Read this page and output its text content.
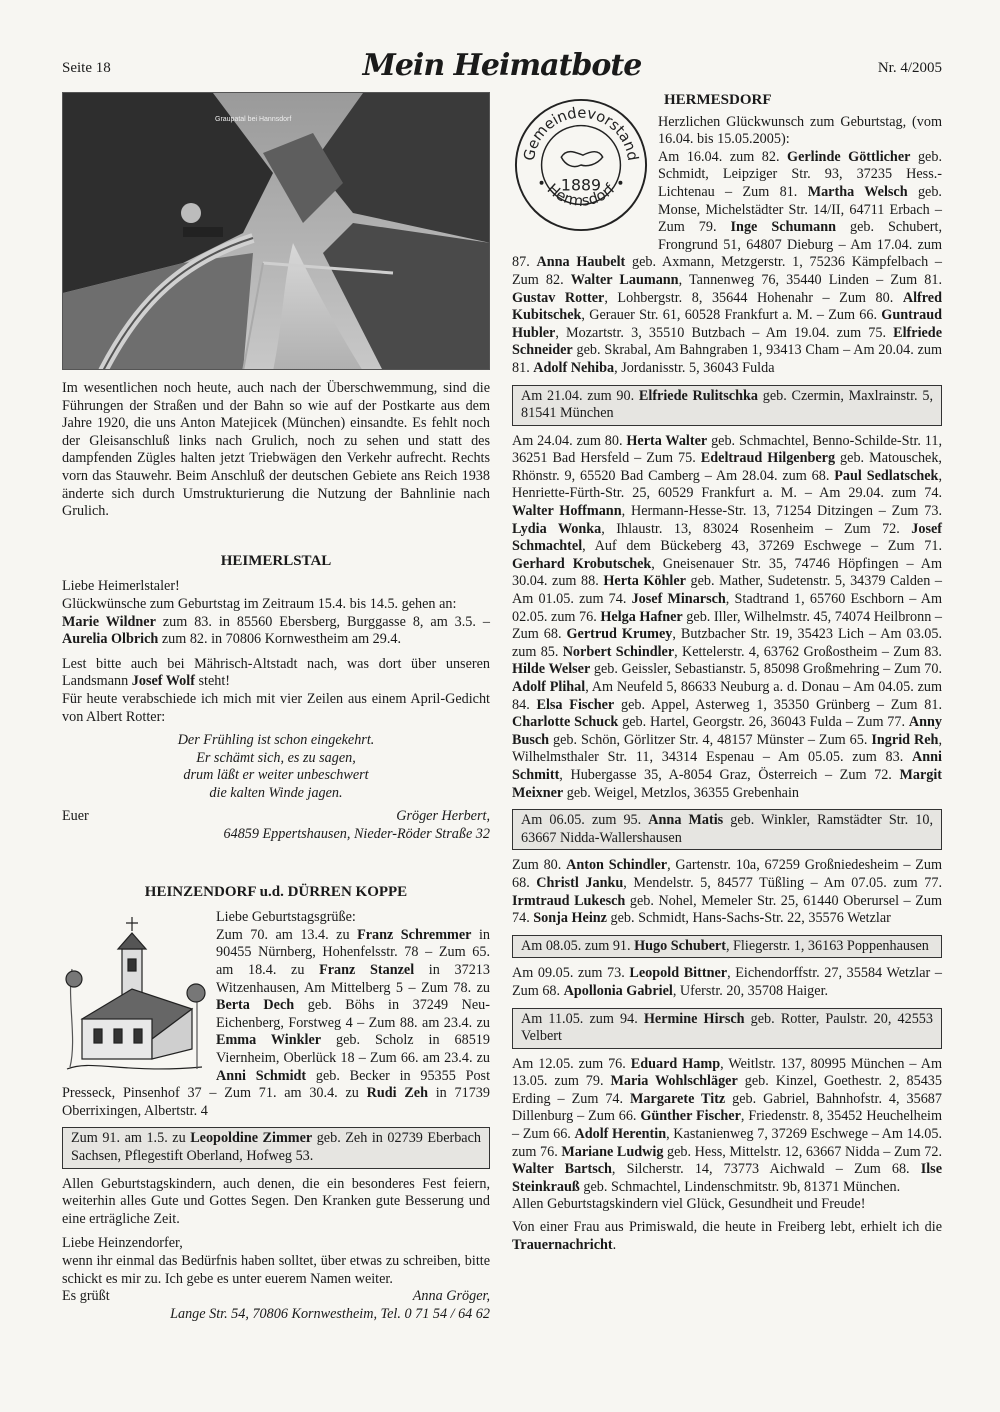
Seite 18	Mein Heimatbote	Nr. 4/2005
Graupatal bei Hannsdorf

Im wesentlichen noch heute, auch nach der Überschwemmung, sind die Führungen der Straßen und der Bahn so wie auf der Postkarte aus dem Jahre 1920, die uns Anton Matejicek (München) einsandte. Es fehlt noch der Gleisanschluß links nach Grulich, noch zu sehen und statt des dampfenden Zügles halten jetzt Triebwägen den Verkehr aufrecht. Rechts vorn das Stauwehr. Beim Anschluß der deutschen Gebiete ans Reich 1938 änderte sich durch Umstrukturierung die Nutzung der Bahnlinie nach Grulich.

HEIMERLSTAL

Liebe Heimerlstaler!

Glückwünsche zum Geburtstag im Zeitraum 15.4. bis 14.5. gehen an:

Marie Wildner zum 83. in 85560 Ebersberg, Burggasse 8, am 3.5. – Aurelia Olbrich zum 82. in 70806 Kornwestheim am 29.4.

Lest bitte auch bei Mährisch-Altstadt nach, was dort über unseren Landsmann Josef Wolf steht!

Für heute verabschiede ich mich mit vier Zeilen aus einem April-Gedicht von Albert Rotter:

Der Frühling ist schon eingekehrt.
Er schämt sich, es zu sagen,
drum läßt er weiter unbeschwert
die kalten Winde jagen.
Euer	Gröger Herbert,
64859 Eppertshausen, Nieder-Röder Straße 32
HEINZENDORF u.d. DÜRREN KOPPE

Liebe Geburtstagsgrüße:

Zum 70. am 13.4. zu Franz Schremmer in 90455 Nürnberg, Hohenfelsstr. 78 – Zum 65. am 18.4. zu Franz Stanzel in 37213 Witzenhausen, Am Mittelberg 5 – Zum 78. zu Berta Dech geb. Böhs in 37249 Neu-Eichenberg, Forstweg 4 – Zum 88. am 23.4. zu Emma Winkler geb. Scholz in 68519 Viernheim, Oberlück 18 – Zum 66. am 23.4. zu Anni Schmidt geb. Becker in 95355 Post Presseck, Pinsenhof 37 – Zum 71. am 30.4. zu Rudi Zeh in 71739 Oberrixingen, Albertstr. 4

Zum 91. am 1.5. zu Leopoldine Zimmer geb. Zeh in 02739 Eberbach Sachsen, Pflegestift Oberland, Hofweg 53.

Allen Geburtstagskindern, auch denen, die ein besonderes Fest feiern, weiterhin alles Gute und Gottes Segen. Den Kranken gute Besserung und eine erträgliche Zeit.

Liebe Heinzendorfer,

wenn ihr einmal das Bedürfnis haben solltet, über etwas zu schreiben, bitte schickt es mir zu. Ich gebe es unter euerem Namen weiter.

Es grüßt	Anna Gröger,
Lange Str. 54, 70806 Kornwestheim, Tel. 0 71 54 / 64 62
Gemeindevorstand
Hermsdorf
1889
HERMESDORF

Herzlichen Glückwunsch zum Geburtstag, (vom 16.04. bis 15.05.2005):

Am 16.04. zum 82. Gerlinde Göttlicher geb. Schmidt, Leipziger Str. 93, 37235 Hess.-Lichtenau – Zum 81. Martha Welsch geb. Monse, Michelstädter Str. 14/II, 64711 Erbach – Zum 79. Inge Schumann geb. Schubert, Frongrund 51, 64807 Dieburg – Am 17.04. zum 87. Anna Haubelt geb. Axmann, Metzgerstr. 1, 75236 Kämpfelbach – Zum 82. Walter Laumann, Tannenweg 76, 35440 Linden – Zum 81. Gustav Rotter, Lohbergstr. 8, 35644 Hohenahr – Zum 80. Alfred Kubitschek, Gerauer Str. 61, 60528 Frankfurt a. M. – Zum 66. Guntraud Hubler, Mozartstr. 3, 35510 Butzbach – Am 19.04. zum 75. Elfriede Schneider geb. Skrabal, Am Bahngraben 1, 93413 Cham – Am 20.04. zum 81. Adolf Nehiba, Jordanisstr. 5, 36043 Fulda

Am 21.04. zum 90. Elfriede Rulitschka geb. Czermin, Maxlrainstr. 5, 81541 München

Am 24.04. zum 80. Herta Walter geb. Schmachtel, Benno-Schilde-Str. 11, 36251 Bad Hersfeld – Zum 75. Edeltraud Hilgenberg geb. Matouschek, Rhönstr. 9, 65520 Bad Camberg – Am 28.04. zum 68. Paul Sedlatschek, Henriette-Fürth-Str. 25, 60529 Frankfurt a. M. – Am 29.04. zum 74. Walter Hoffmann, Hermann-Hesse-Str. 13, 71254 Ditzingen – Zum 73. Lydia Wonka, Ihlaustr. 13, 83024 Rosenheim – Zum 72. Josef Schmachtel, Auf dem Bückeberg 43, 37269 Eschwege – Zum 71. Gerhard Krobutschek, Gneisenauer Str. 35, 74746 Höpfingen – Am 30.04. zum 88. Herta Köhler geb. Mather, Sudetenstr. 5, 34379 Calden – Am 01.05. zum 74. Josef Minarsch, Stadtrand 1, 65760 Eschborn – Am 02.05. zum 76. Helga Hafner geb. Iller, Wilhelmstr. 45, 74074 Heilbronn – Zum 68. Gertrud Krumey, Butzbacher Str. 19, 35423 Lich – Am 03.05. zum 85. Norbert Schindler, Kettelerstr. 4, 63762 Großostheim – Zum 83. Hilde Welser geb. Geissler, Sebastianstr. 5, 85098 Großmehring – Zum 70. Adolf Plihal, Am Neufeld 5, 86633 Neuburg a. d. Donau – Am 04.05. zum 84. Elsa Fischer geb. Appel, Asterweg 1, 35350 Grünberg – Zum 81. Charlotte Schuck geb. Hartel, Georgstr. 26, 36043 Fulda – Zum 77. Anny Busch geb. Schön, Görlitzer Str. 4, 48157 Münster – Zum 65. Ingrid Reh, Wilhelmsthaler Str. 11, 34314 Espenau – Am 05.05. zum 83. Anni Schmitt, Hubergasse 35, A-8054 Graz, Österreich – Zum 72. Margit Meixner geb. Weigel, Metzlos, 36355 Grebenhain

Am 06.05. zum 95. Anna Matis geb. Winkler, Ramstädter Str. 10, 63667 Nidda-Wallershausen

Zum 80. Anton Schindler, Gartenstr. 10a, 67259 Großniedesheim – Zum 68. Christl Janku, Mendelstr. 5, 84577 Tüßling – Am 07.05. zum 77. Irmtraud Lukesch geb. Nohel, Memeler Str. 25, 61440 Oberursel – Zum 74. Sonja Heinz geb. Schmidt, Hans-Sachs-Str. 22, 35576 Wetzlar

Am 08.05. zum 91. Hugo Schubert, Fliegerstr. 1, 36163 Poppenhausen

Am 09.05. zum 73. Leopold Bittner, Eichendorffstr. 27, 35584 Wetzlar – Zum 68. Apollonia Gabriel, Uferstr. 20, 35708 Haiger.

Am 11.05. zum 94. Hermine Hirsch geb. Rotter, Paulstr. 20, 42553 Velbert

Am 12.05. zum 76. Eduard Hamp, Weitlstr. 137, 80995 München – Am 13.05. zum 79. Maria Wohlschläger geb. Kinzel, Goethestr. 2, 85435 Erding – Zum 74. Margarete Titz geb. Gabriel, Bahnhofstr. 4, 35687 Dillenburg – Zum 66. Günther Fischer, Friedenstr. 8, 35452 Heuchelheim – Zum 66. Adolf Herentin, Kastanienweg 7, 37269 Eschwege – Am 14.05. zum 76. Mariane Ludwig geb. Hess, Mittelstr. 12, 63667 Nidda – Zum 72. Walter Bartsch, Silcherstr. 14, 73773 Aichwald – Zum 68. Ilse Steinkrauß geb. Schmachtel, Lindenschmitstr. 9b, 81371 München.

Allen Geburtstagskindern viel Glück, Gesundheit und Freude!

Von einer Frau aus Primiswald, die heute in Freiberg lebt, erhielt ich die Trauernachricht.
